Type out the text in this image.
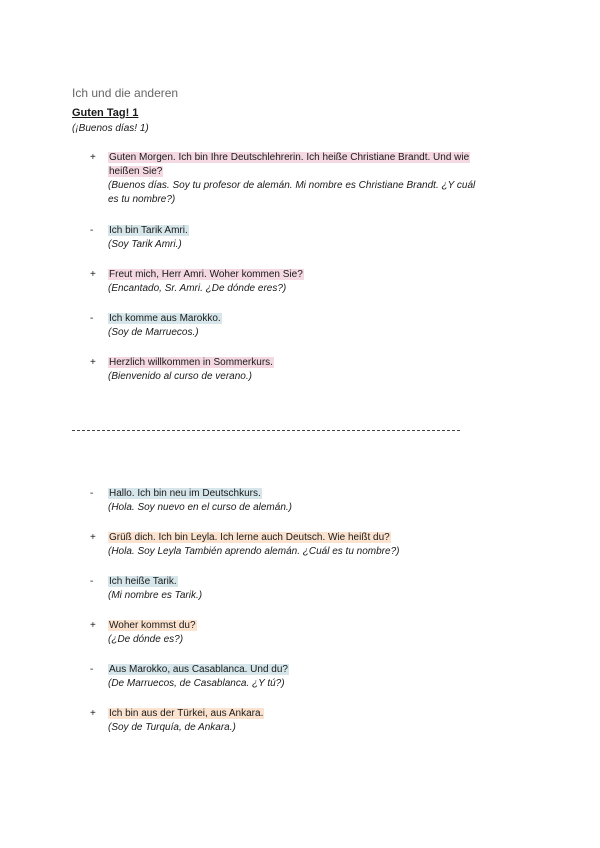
Ich und die anderen
Guten Tag! 1
(¡Buenos días! 1)
+	Guten Morgen. Ich bin Ihre Deutschlehrerin. Ich heiße Christiane Brandt. Und wie
heißen Sie?
(Buenos días. Soy tu profesor de alemán. Mi nombre es Christiane Brandt. ¿Y cuál
es tu nombre?)
-	Ich bin Tarik Amri.
(Soy Tarik Amri.)
+	Freut mich, Herr Amri. Woher kommen Sie?
(Encantado, Sr. Amri. ¿De dónde eres?)
-	Ich komme aus Marokko.
(Soy de Marruecos.)
+	Herzlich willkommen in Sommerkurs.
(Bienvenido al curso de verano.)
-	Hallo. Ich bin neu im Deutschkurs.
(Hola. Soy nuevo en el curso de alemán.)
+	Grüß dich. Ich bin Leyla. Ich lerne auch Deutsch. Wie heißt du?
(Hola. Soy Leyla También aprendo alemán. ¿Cuál es tu nombre?)
-	Ich heiße Tarik.
(Mi nombre es Tarik.)
+	Woher kommst du?
(¿De dónde es?)
-	Aus Marokko, aus Casablanca. Und du?
(De Marruecos, de Casablanca. ¿Y tú?)
+	Ich bin aus der Türkei, aus Ankara.
(Soy de Turquía, de Ankara.)
